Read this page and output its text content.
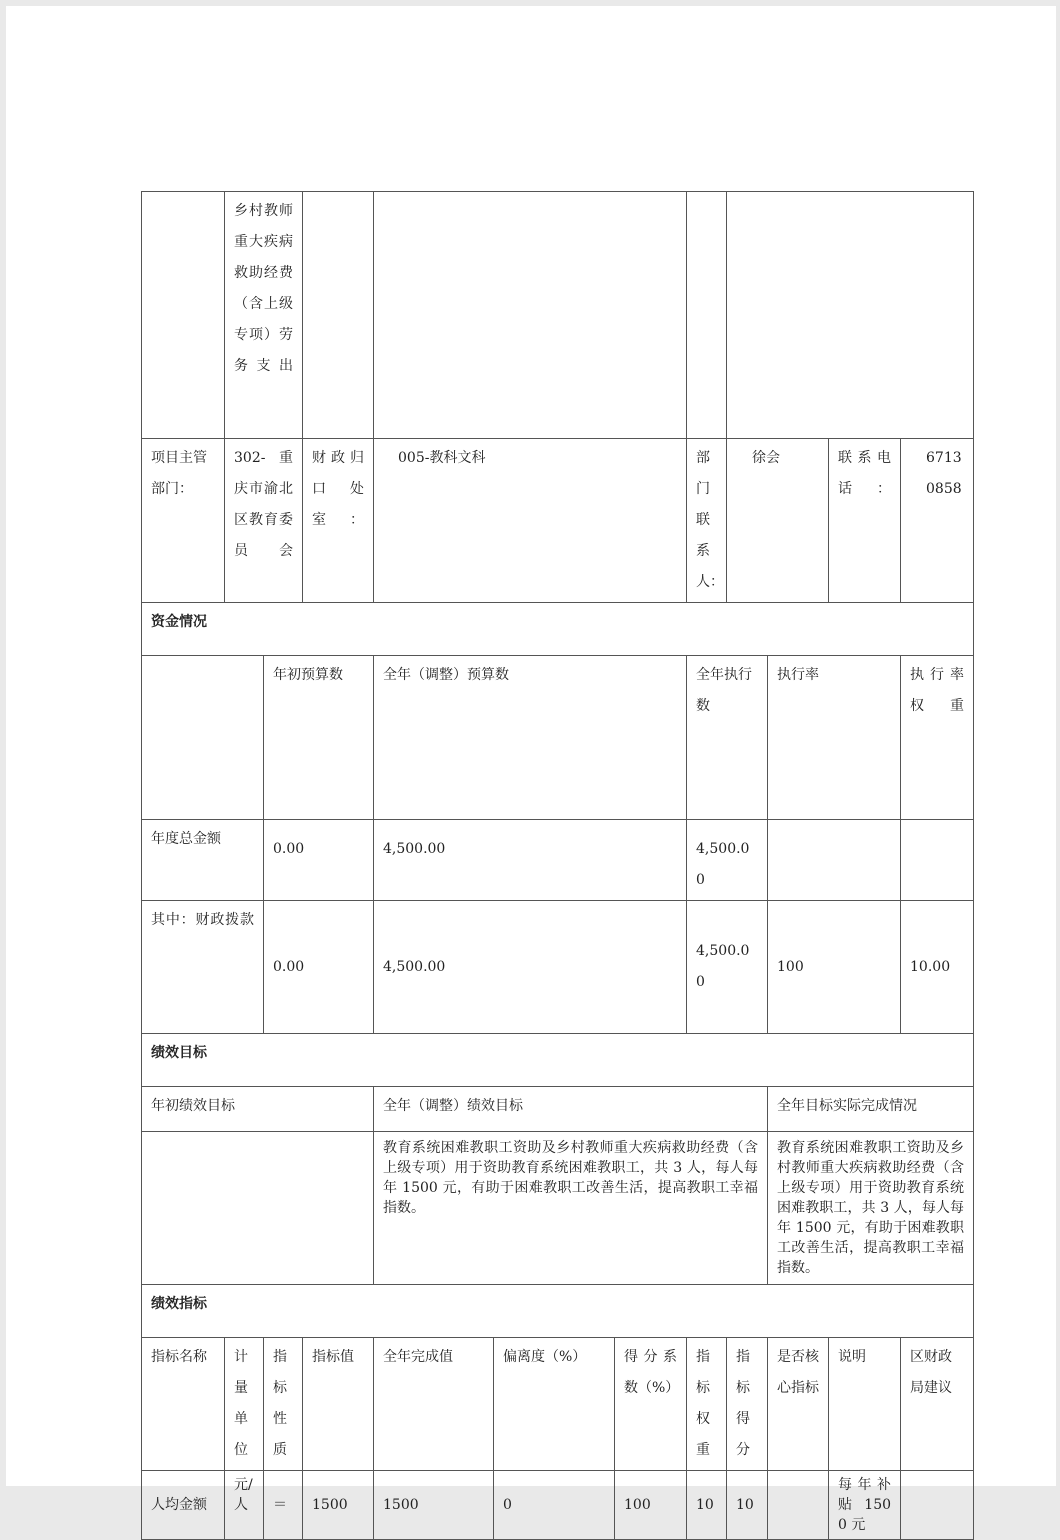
	乡村教师重大疾病救助经费（含上级专项）劳务支出											
项目主管部门：	302-重庆市渝北区教育委员会		财政归口处室：	005-教科文科			部门联系人：	徐会		联系电话：	67130858	
资金情况												
		年初预算数		全年（调整）预算数			全年执行数		执行率		执行率权重	
年度总金额		0.00		4,500.00			4,500.00					
其中：财政拨款		0.00		4,500.00			4,500.00		100		10.00	
绩效目标												
年初绩效目标				全年（调整）绩效目标					全年目标实际完成情况			
				教育系统困难教职工资助及乡村教师重大疾病救助经费（含上级专项）用于资助教育系统困难教职工，共 3 人，每人每年 1500 元，有助于困难教职工改善生活，提高教职工幸福指数。					教育系统困难教职工资助及乡村教师重大疾病救助经费（含上级专项）用于资助教育系统困难教职工，共 3 人，每人每年 1500 元，有助于困难教职工改善生活，提高教职工幸福指数。			
绩效指标												
指标名称	计量单位	指标性质	指标值	全年完成值	偏离度（%）	得分系数（%）	指标权重	指标得分	是否核心指标	说明	区财政局建议	
人均金额	元/人	＝	1500	1500	0	100	10	10		每年补贴 1500 元		
